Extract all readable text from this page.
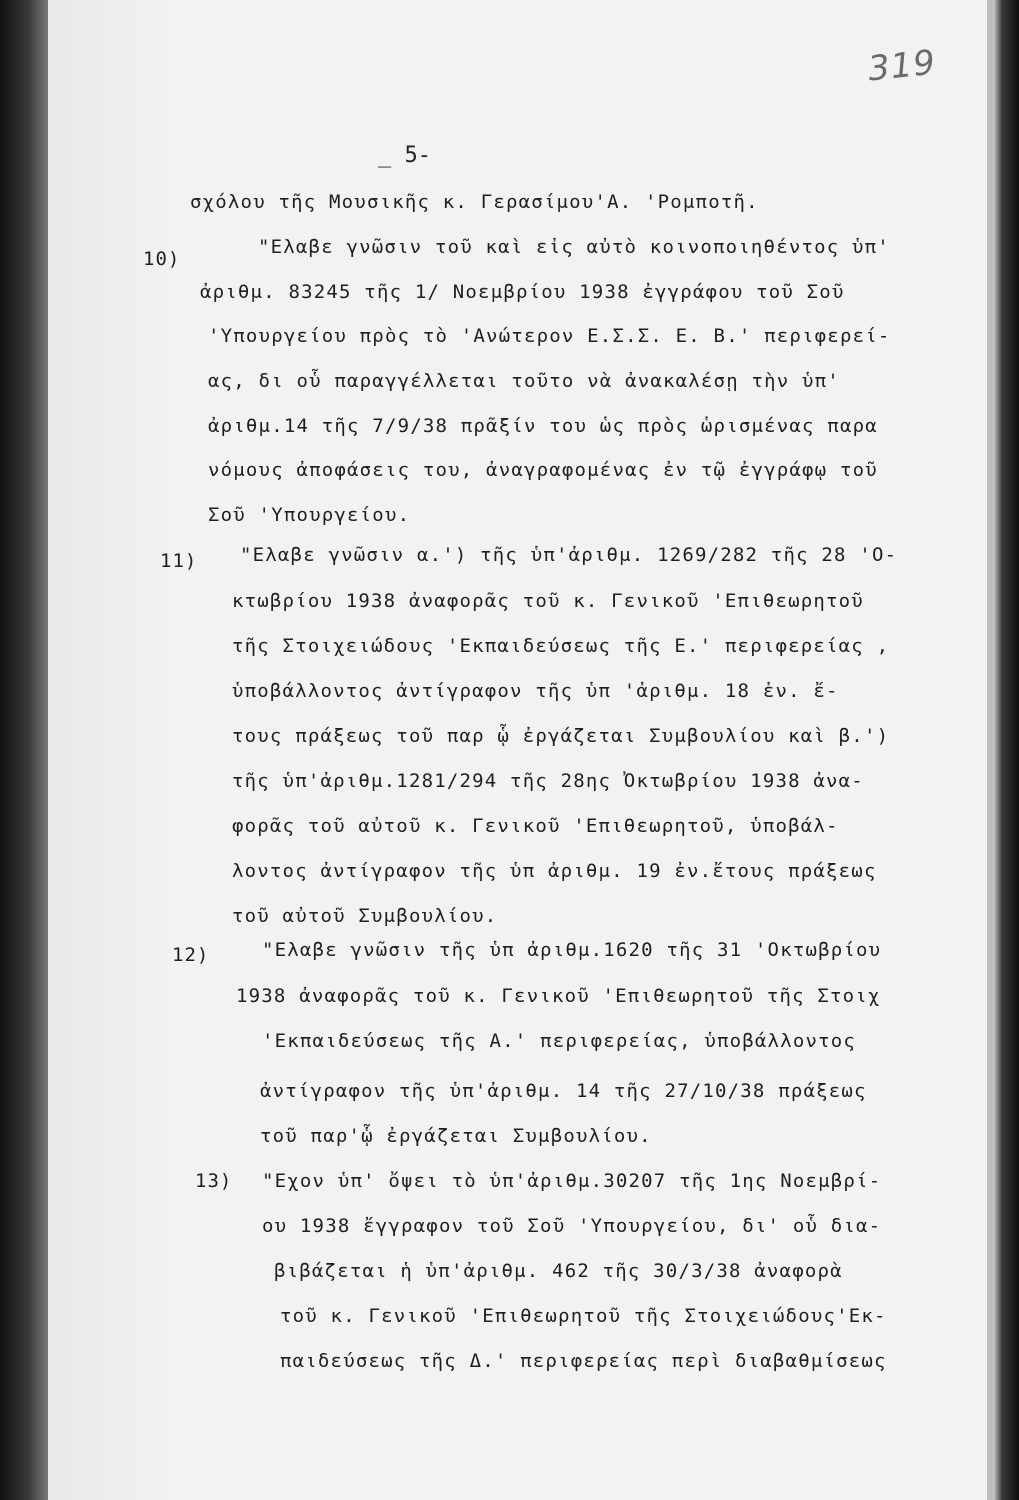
319
_ 5-
10)
11)
12)
13)
σχόλου τῆς Μουσικῆς κ. Γερασίμου'Α. 'Ρομποτῆ.
"Ελαβε γνῶσιν τοῦ καὶ εἰς αὐτὸ κοινοποιηθέντος ὑπ'
ἀριθμ. 83245 τῆς 1/ Νοεμβρίου 1938 ἐγγράφου τοῦ Σοῦ
'Υπουργείου πρὸς τὸ 'Ανώτερον Ε.Σ.Σ. Ε. Β.' περιφερεί-
ας, δι οὗ παραγγέλλεται τοῦτο νὰ ἀνακαλέσῃ τὴν ὑπ'
ἀριθμ.14 τῆς 7/9/38 πρᾶξίν του ὡς πρὸς ὡρισμένας παρα
νόμους ἀποφάσεις του, ἀναγραφομένας ἐν τῷ ἐγγράφῳ τοῦ
Σοῦ 'Υπουργείου.
"Ελαβε γνῶσιν α.') τῆς ὑπ'ἀριθμ. 1269/282 τῆς 28 'Ο-
κτωβρίου 1938 ἀναφορᾶς τοῦ κ. Γενικοῦ 'Επιθεωρητοῦ
τῆς Στοιχειώδους 'Εκπαιδεύσεως τῆς Ε.' περιφερείας ,
ὑποβάλλοντος ἀντίγραφον τῆς ὑπ 'ἀριθμ. 18 ἐν. ἔ-
τους πράξεως τοῦ παρ ᾧ ἐργάζεται Συμβουλίου καὶ β.')
τῆς ὑπ'ἀριθμ.1281/294 τῆς 28ης Ὀκτωβρίου 1938 ἀνα-
φορᾶς τοῦ αὐτοῦ κ. Γενικοῦ 'Επιθεωρητοῦ, ὑποβάλ-
λοντος ἀντίγραφον τῆς ὑπ ἀριθμ. 19 ἐν.ἔτους πράξεως
τοῦ αὐτοῦ Συμβουλίου.
"Ελαβε γνῶσιν τῆς ὑπ ἀριθμ.1620 τῆς 31 'Οκτωβρίου
1938 ἀναφορᾶς τοῦ κ. Γενικοῦ 'Επιθεωρητοῦ τῆς Στοιχ
'Εκπαιδεύσεως τῆς Α.' περιφερείας, ὑποβάλλοντος
ἀντίγραφον τῆς ὑπ'ἀριθμ. 14 τῆς 27/10/38 πράξεως
τοῦ παρ'ᾧ ἐργάζεται Συμβουλίου.
"Εχον ὑπ' ὄψει τὸ ὑπ'ἀριθμ.30207 τῆς 1ης Νοεμβρί-
ου 1938 ἔγγραφον τοῦ Σοῦ 'Υπουργείου, δι' οὗ δια-
βιβάζεται ἡ ὑπ'ἀριθμ. 462 τῆς 30/3/38 ἀναφορὰ
τοῦ κ. Γενικοῦ 'Επιθεωρητοῦ τῆς Στοιχειώδους'Εκ-
παιδεύσεως τῆς Δ.' περιφερείας περὶ διαβαθμίσεως
